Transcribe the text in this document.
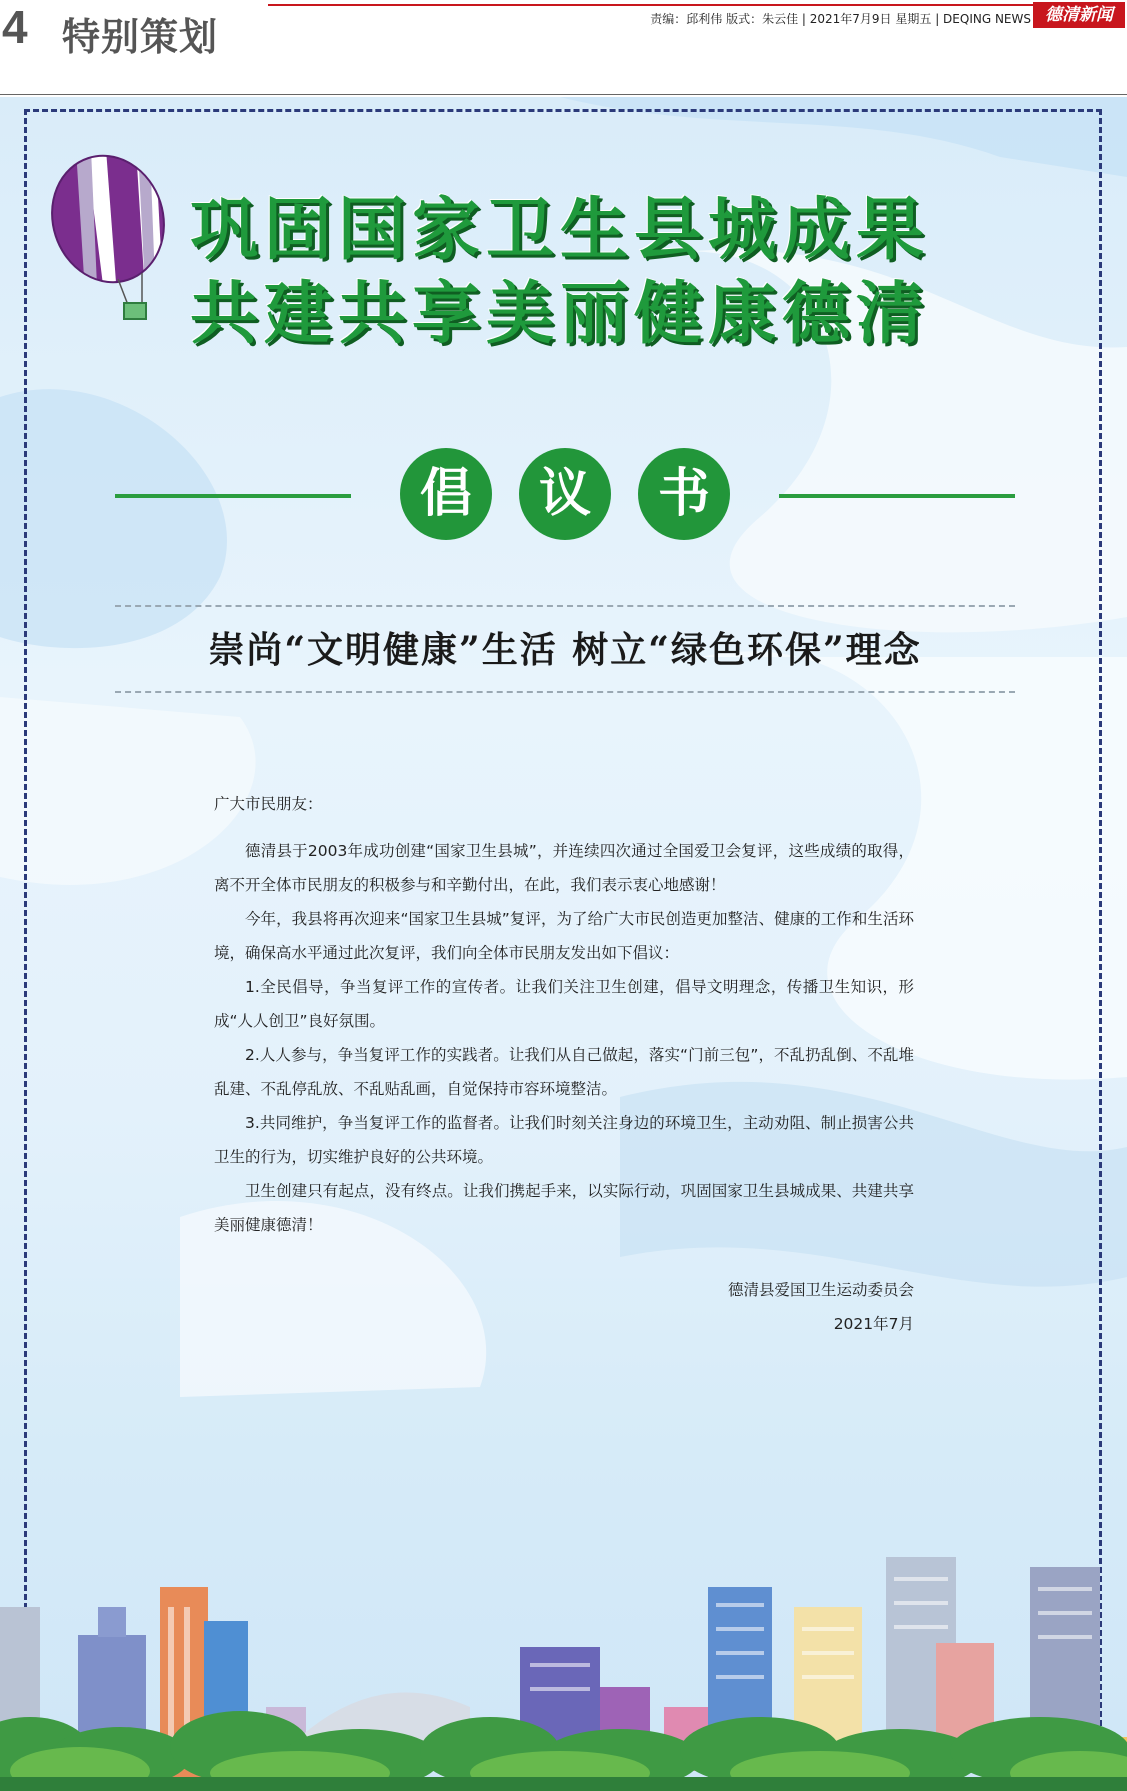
4 特别策划	责编：邱利伟 版式：朱云佳 | 2021年7月9日 星期五 | DEQING NEWS 德清新闻
巩固国家卫生县城成果
共建共享美丽健康德清
倡	议	书
崇尚“文明健康”生活 树立“绿色环保”理念

广大市民朋友：

德清县于2003年成功创建“国家卫生县城”，并连续四次通过全国爱卫会复评，这些成绩的取得，离不开全体市民朋友的积极参与和辛勤付出，在此，我们表示衷心地感谢！

今年，我县将再次迎来“国家卫生县城”复评，为了给广大市民创造更加整洁、健康的工作和生活环境，确保高水平通过此次复评，我们向全体市民朋友发出如下倡议：

1.全民倡导，争当复评工作的宣传者。让我们关注卫生创建，倡导文明理念，传播卫生知识，形成“人人创卫”良好氛围。

2.人人参与，争当复评工作的实践者。让我们从自己做起，落实“门前三包”，不乱扔乱倒、不乱堆乱建、不乱停乱放、不乱贴乱画，自觉保持市容环境整洁。

3.共同维护，争当复评工作的监督者。让我们时刻关注身边的环境卫生，主动劝阻、制止损害公共卫生的行为，切实维护良好的公共环境。

卫生创建只有起点，没有终点。让我们携起手来，以实际行动，巩固国家卫生县城成果、共建共享美丽健康德清！

德清县爱国卫生运动委员会
2021年7月
